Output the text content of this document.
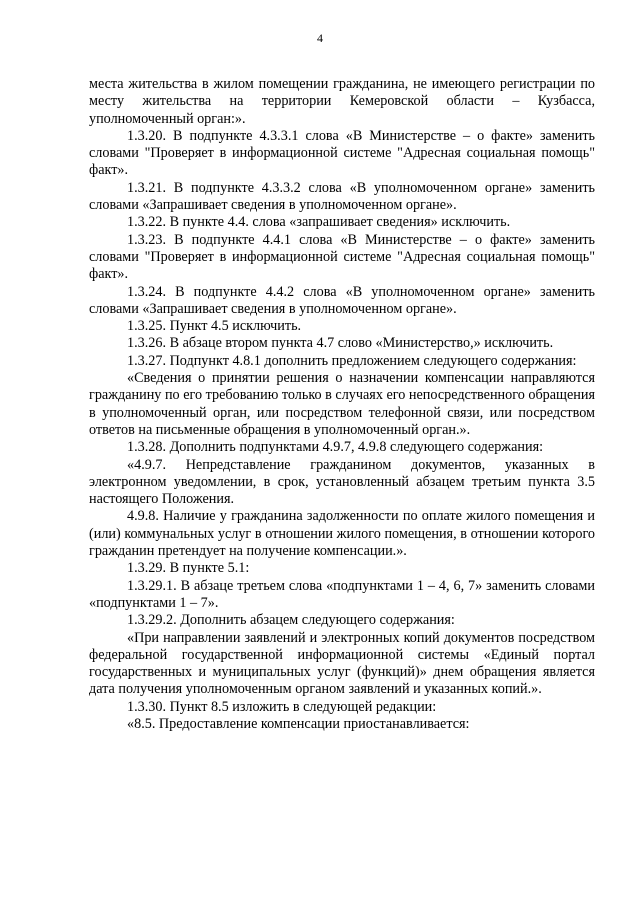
4

места жительства в жилом помещении гражданина, не имеющего регистрации по месту жительства на территории Кемеровской области – Кузбасса, уполномоченный орган:».

1.3.20. В подпункте 4.3.3.1 слова «В Министерстве – о факте» заменить словами "Проверяет в информационной системе "Адресная социальная помощь" факт».

1.3.21. В подпункте 4.3.3.2 слова «В уполномоченном органе» заменить словами «Запрашивает сведения в уполномоченном органе».

1.3.22. В пункте 4.4. слова «запрашивает сведения» исключить.

1.3.23. В подпункте 4.4.1 слова «В Министерстве – о факте» заменить словами "Проверяет в информационной системе "Адресная социальная помощь" факт».

1.3.24. В подпункте 4.4.2 слова «В уполномоченном органе» заменить словами «Запрашивает сведения в уполномоченном органе».

1.3.25. Пункт 4.5 исключить.

1.3.26. В абзаце втором пункта 4.7 слово «Министерство,» исключить.

1.3.27. Подпункт 4.8.1 дополнить предложением следующего содержания:

«Сведения о принятии решения о назначении компенсации направляются гражданину по его требованию только в случаях его непосредственного обращения в уполномоченный орган, или посредством телефонной связи, или посредством ответов на письменные обращения в уполномоченный орган.».

1.3.28. Дополнить подпунктами 4.9.7, 4.9.8 следующего содержания:

«4.9.7. Непредставление гражданином документов, указанных в электронном уведомлении, в срок, установленный абзацем третьим пункта 3.5 настоящего Положения.

4.9.8. Наличие у гражданина задолженности по оплате жилого помещения и (или) коммунальных услуг в отношении жилого помещения, в отношении которого гражданин претендует на получение компенсации.».

1.3.29. В пункте 5.1:

1.3.29.1. В абзаце третьем слова «подпунктами 1 – 4, 6, 7» заменить словами «подпунктами 1 – 7».

1.3.29.2. Дополнить абзацем следующего содержания:

«При направлении заявлений и электронных копий документов посредством федеральной государственной информационной системы «Единый портал государственных и муниципальных услуг (функций)» днем обращения является дата получения уполномоченным органом заявлений и указанных копий.».

1.3.30. Пункт 8.5 изложить в следующей редакции:

«8.5. Предоставление компенсации приостанавливается:
